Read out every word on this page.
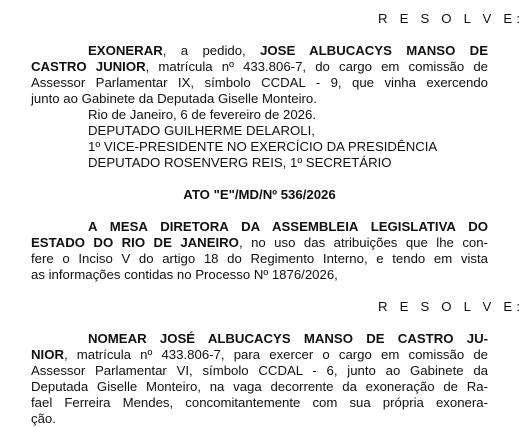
R E S O L V E:
EXONERAR, a pedido, JOSE ALBUCACYS MANSO DE
CASTRO JUNIOR, matrícula nº 433.806-7, do cargo em comissão de
Assessor Parlamentar IX, símbolo CCDAL - 9, que vinha exercendo
junto ao Gabinete da Deputada Giselle Monteiro.
Rio de Janeiro, 6 de fevereiro de 2026.
DEPUTADO GUILHERME DELAROLI,
1º VICE-PRESIDENTE NO EXERCÍCIO DA PRESIDÊNCIA
DEPUTADO ROSENVERG REIS, 1º SECRETÁRIO
ATO "E"/MD/Nº 536/2026
A MESA DIRETORA DA ASSEMBLEIA LEGISLATIVA DO
ESTADO DO RIO DE JANEIRO, no uso das atribuições que lhe con-
fere o Inciso V do artigo 18 do Regimento Interno, e tendo em vista
as informações contidas no Processo Nº 1876/2026,
R E S O L V E:
NOMEAR JOSÉ ALBUCACYS MANSO DE CASTRO JU-
NIOR, matrícula nº 433.806-7, para exercer o cargo em comissão de
Assessor Parlamentar VI, símbolo CCDAL - 6, junto ao Gabinete da
Deputada Giselle Monteiro, na vaga decorrente da exoneração de Ra-
fael Ferreira Mendes, concomitantemente com sua própria exonera-
ção.
